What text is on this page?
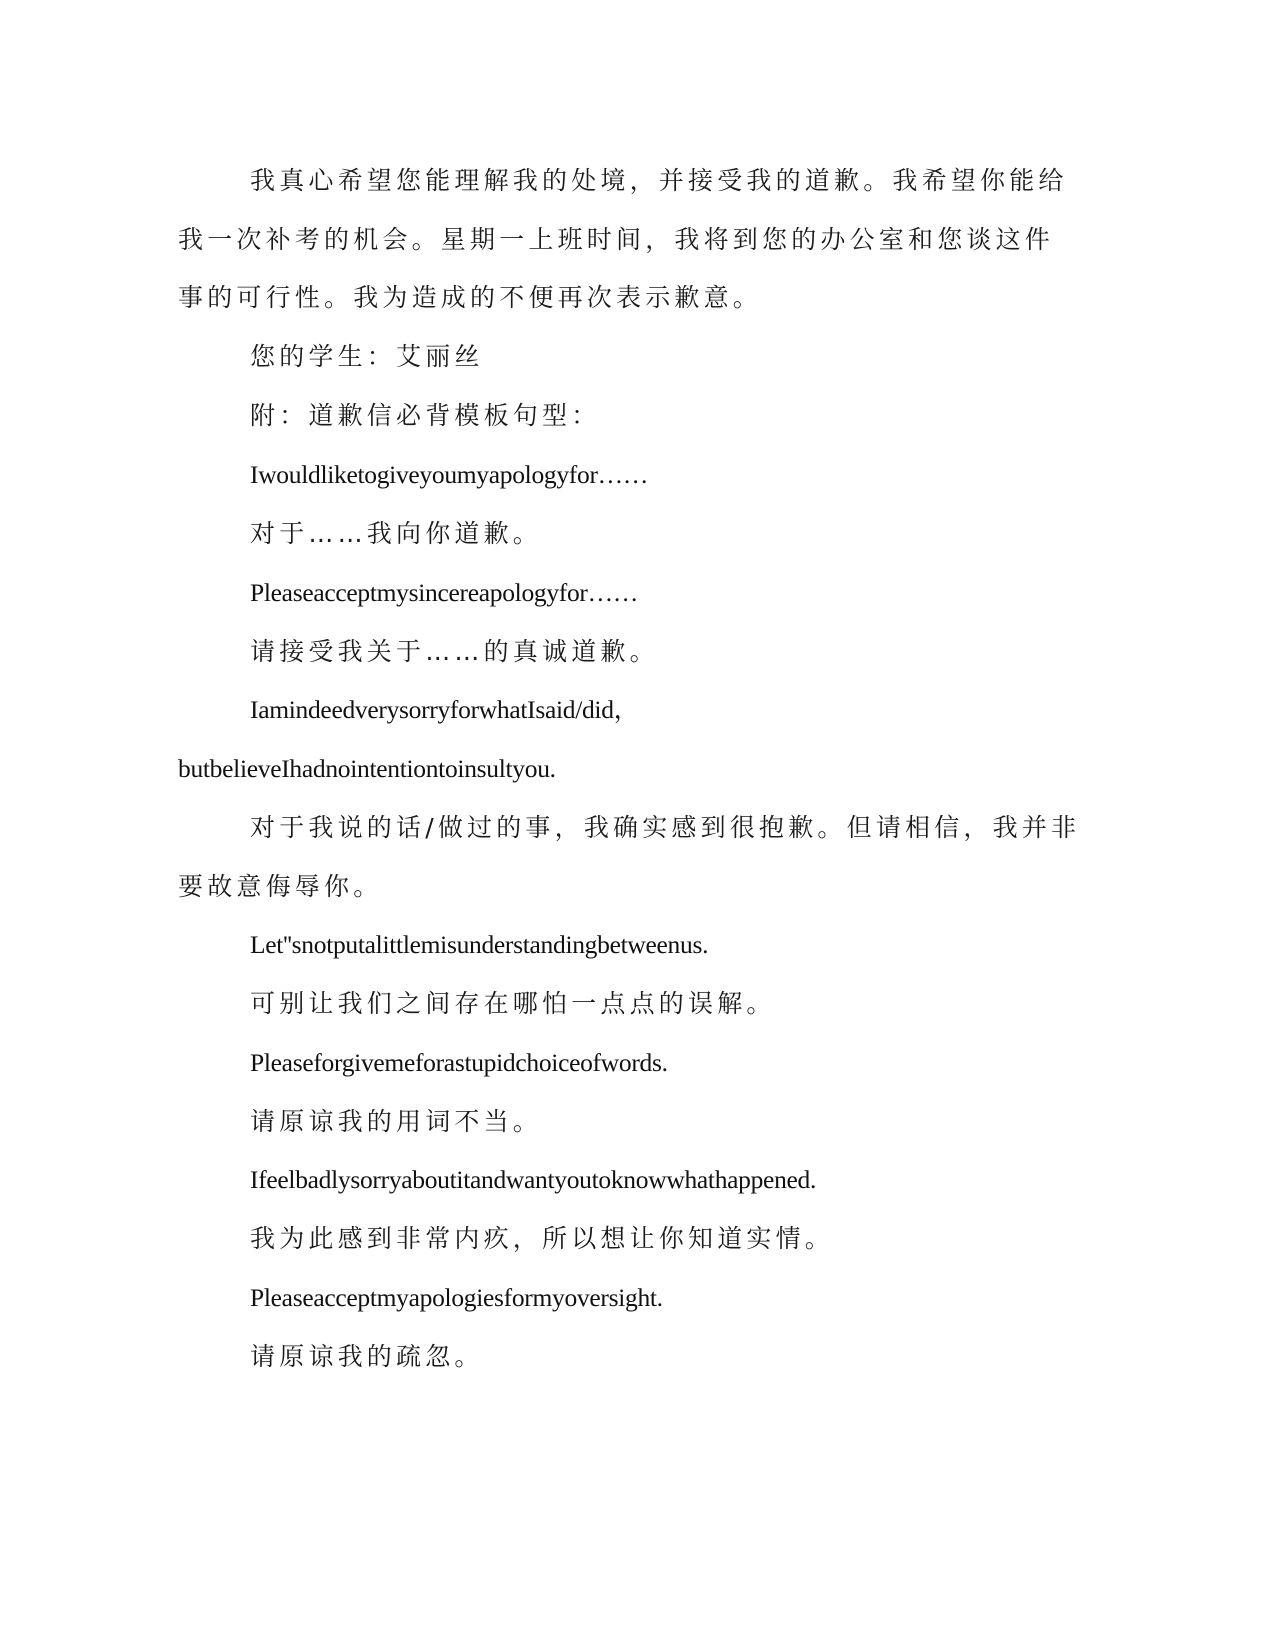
我真心希望您能理解我的处境，并接受我的道歉。我希望你能给

我一次补考的机会。星期一上班时间，我将到您的办公室和您谈这件

事的可行性。我为造成的不便再次表示歉意。

您的学生：艾丽丝

附：道歉信必背模板句型：

Iwouldliketogiveyoumyapologyfor……

对于……我向你道歉。

Pleaseacceptmysincereapologyfor……

请接受我关于……的真诚道歉。

IamindeedverysorryforwhatIsaid/did，

butbelieveIhadnointentiontoinsultyou.

对于我说的话/做过的事，我确实感到很抱歉。但请相信，我并非

要故意侮辱你。

Let''snotputalittlemisunderstandingbetweenus.

可别让我们之间存在哪怕一点点的误解。

Pleaseforgivemeforastupidchoiceofwords.

请原谅我的用词不当。

Ifeelbadlysorryaboutitandwantyoutoknowwhathappened.

我为此感到非常内疚，所以想让你知道实情。

Pleaseacceptmyapologiesformyoversight.

请原谅我的疏忽。
